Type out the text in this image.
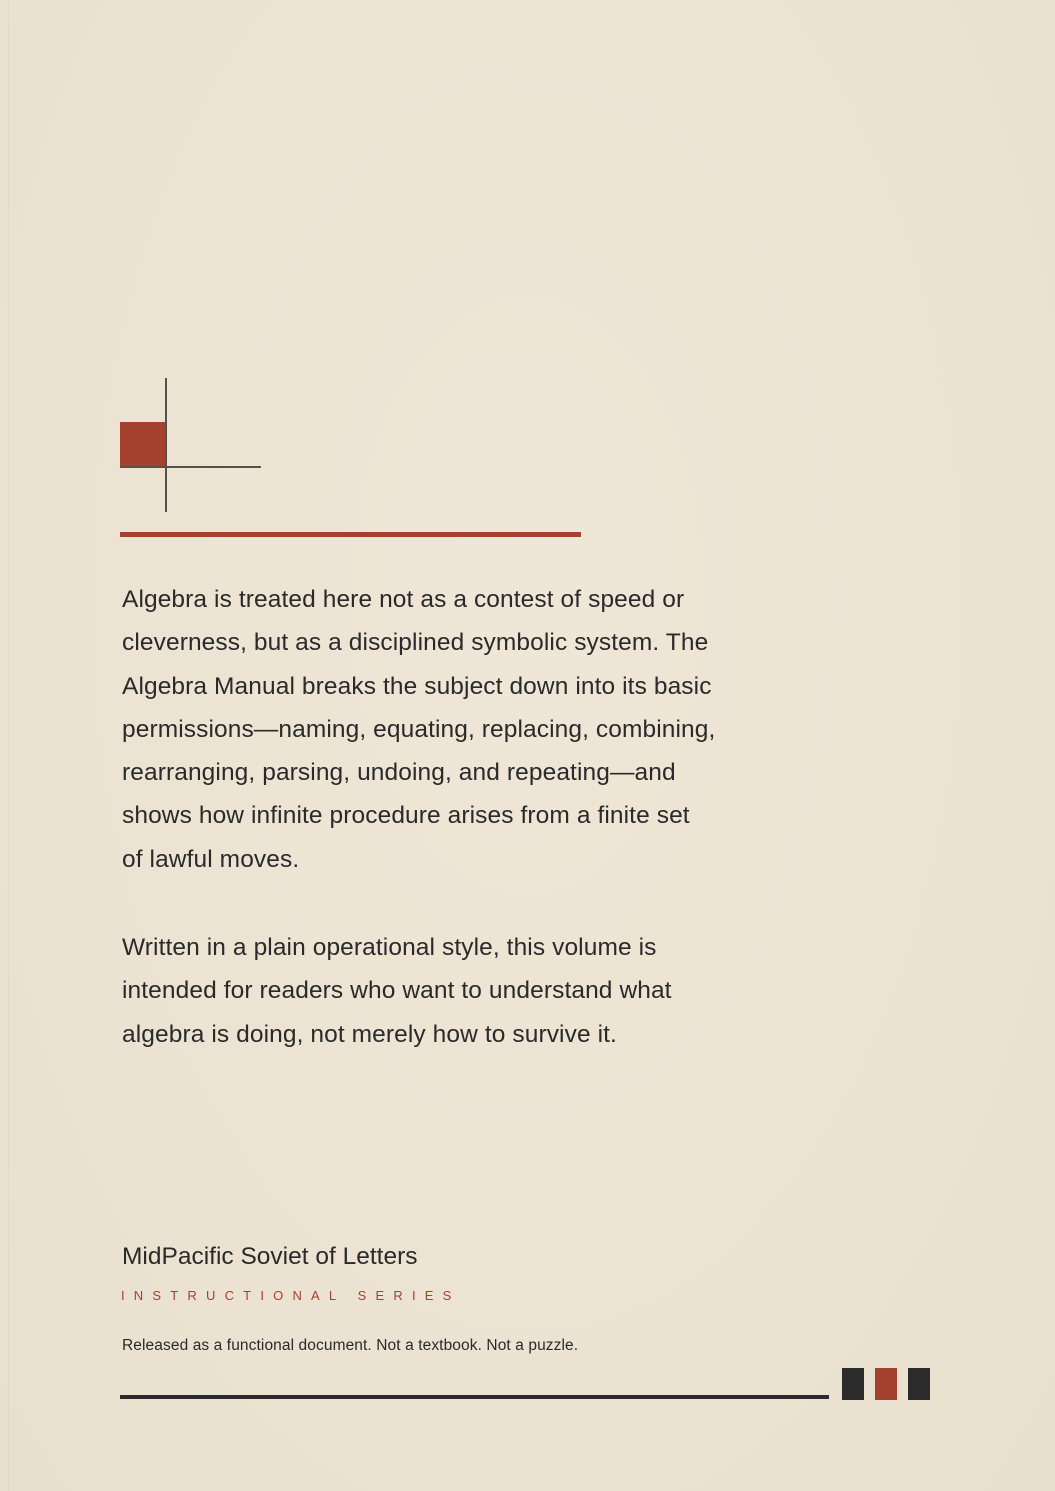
Algebra is treated here not as a contest of speed or
cleverness, but as a disciplined symbolic system. The
Algebra Manual breaks the subject down into its basic
permissions—naming, equating, replacing, combining,
rearranging, parsing, undoing, and repeating—and
shows how infinite procedure arises from a finite set
of lawful moves.

Written in a plain operational style, this volume is
intended for readers who want to understand what
algebra is doing, not merely how to survive it.

MidPacific Soviet of Letters
INSTRUCTIONAL SERIES
Released as a functional document. Not a textbook. Not a puzzle.
